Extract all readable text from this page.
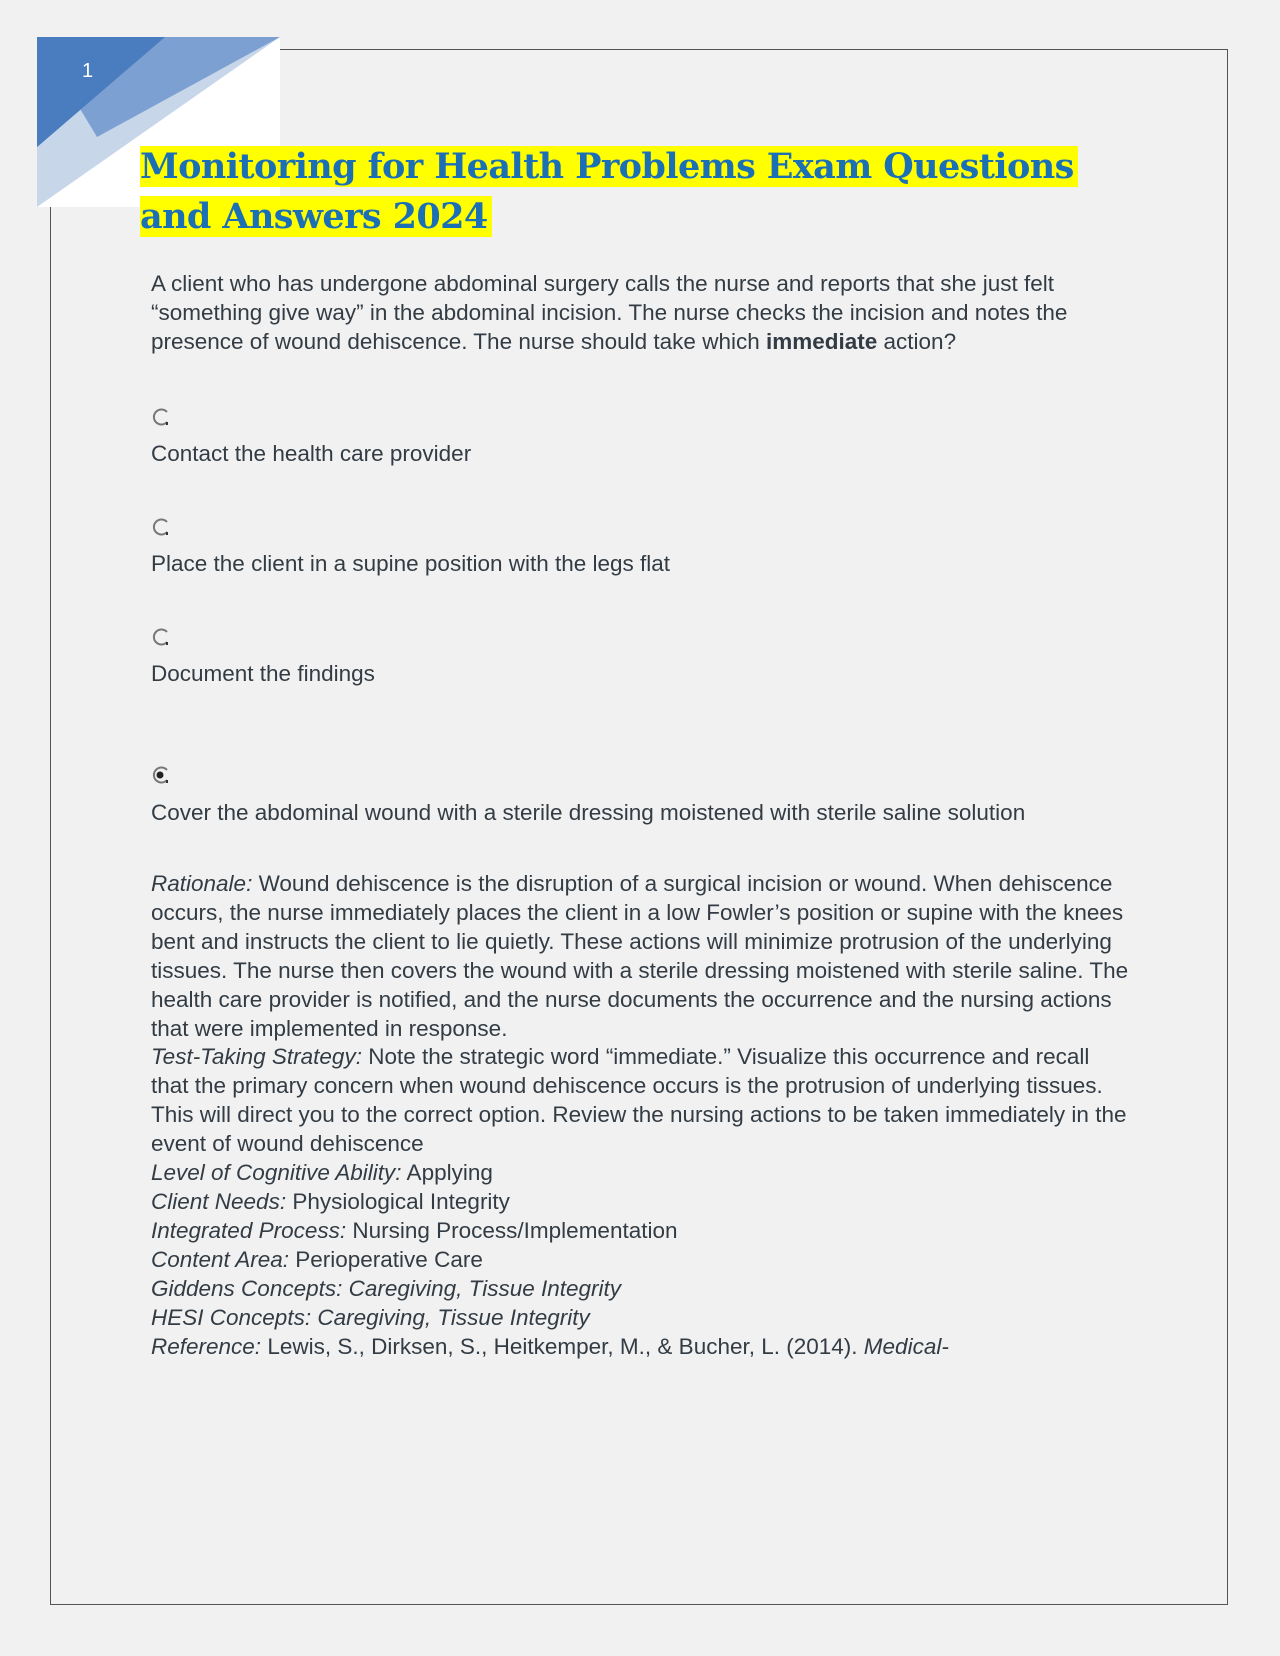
1
Monitoring for Health Problems Exam Questions
and Answers 2024

A client who has undergone abdominal surgery calls the nurse and reports that she just felt “something give way” in the abdominal incision. The nurse checks the incision and notes the presence of wound dehiscence. The nurse should take which immediate action?

Contact the health care provider
Place the client in a supine position with the legs flat
Document the findings
Cover the abdominal wound with a sterile dressing moistened with sterile saline solution

Rationale: Wound dehiscence is the disruption of a surgical incision or wound. When dehiscence occurs, the nurse immediately places the client in a low Fowler’s position or supine with the knees bent and instructs the client to lie quietly. These actions will minimize protrusion of the underlying tissues. The nurse then covers the wound with a sterile dressing moistened with sterile saline. The health care provider is notified, and the nurse documents the occurrence and the nursing actions that were implemented in response.

Test-Taking Strategy: Note the strategic word “immediate.” Visualize this occurrence and recall that the primary concern when wound dehiscence occurs is the protrusion of underlying tissues. This will direct you to the correct option. Review the nursing actions to be taken immediately in the event of wound dehiscence

Level of Cognitive Ability: Applying

Client Needs: Physiological Integrity

Integrated Process: Nursing Process/Implementation

Content Area: Perioperative Care

Giddens Concepts: Caregiving, Tissue Integrity

HESI Concepts: Caregiving, Tissue Integrity

Reference: Lewis, S., Dirksen, S., Heitkemper, M., & Bucher, L. (2014). Medical-
